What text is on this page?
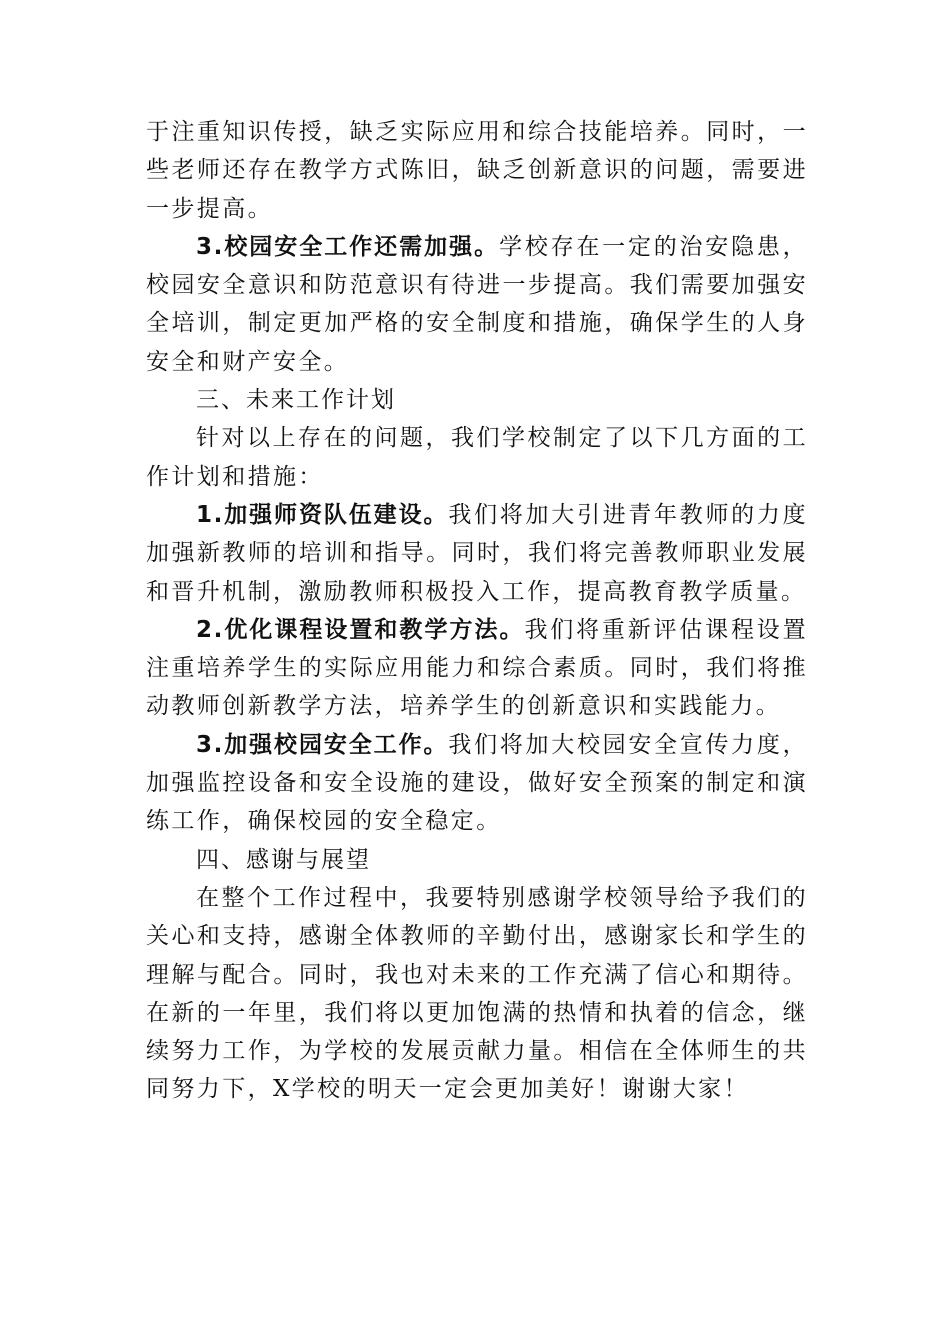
于注重知识传授，缺乏实际应用和综合技能培养。同时，一些老师还存在教学方式陈旧，缺乏创新意识的问题，需要进一步提高。

3.校园安全工作还需加强。学校存在一定的治安隐患，校园安全意识和防范意识有待进一步提高。我们需要加强安全培训，制定更加严格的安全制度和措施，确保学生的人身安全和财产安全。

三、未来工作计划

针对以上存在的问题，我们学校制定了以下几方面的工作计划和措施：

1.加强师资队伍建设。我们将加大引进青年教师的力度加强新教师的培训和指导。同时，我们将完善教师职业发展和晋升机制，激励教师积极投入工作，提高教育教学质量。

2.优化课程设置和教学方法。我们将重新评估课程设置注重培养学生的实际应用能力和综合素质。同时，我们将推动教师创新教学方法，培养学生的创新意识和实践能力。

3.加强校园安全工作。我们将加大校园安全宣传力度，加强监控设备和安全设施的建设，做好安全预案的制定和演练工作，确保校园的安全稳定。

四、感谢与展望

在整个工作过程中，我要特别感谢学校领导给予我们的关心和支持，感谢全体教师的辛勤付出，感谢家长和学生的理解与配合。同时，我也对未来的工作充满了信心和期待。在新的一年里，我们将以更加饱满的热情和执着的信念，继续努力工作，为学校的发展贡献力量。相信在全体师生的共同努力下，X学校的明天一定会更加美好！谢谢大家！
